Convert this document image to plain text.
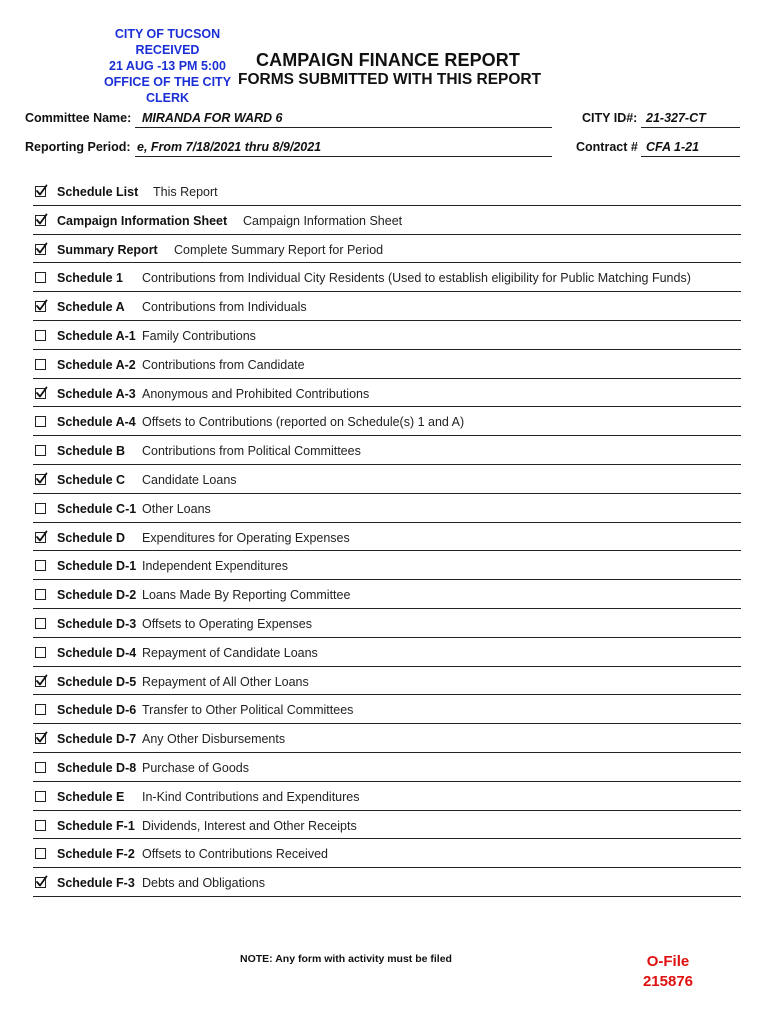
CITY OF TUCSON
RECEIVED
21 AUG -13 PM 5:00
OFFICE OF THE CITY
CLERK
CAMPAIGN FINANCE REPORT
FORMS SUBMITTED WITH THIS REPORT
Committee Name: MIRANDA FOR WARD 6	CITY ID#: 21-327-CT
Reporting Period: e, From 7/18/2021 thru 8/9/2021	Contract # CFA 1-21
Schedule List This Report
Campaign Information Sheet Campaign Information Sheet
Summary Report Complete Summary Report for Period
Schedule 1 Contributions from Individual City Residents (Used to establish eligibility for Public Matching Funds)
Schedule A Contributions from Individuals
Schedule A-1 Family Contributions
Schedule A-2 Contributions from Candidate
Schedule A-3 Anonymous and Prohibited Contributions
Schedule A-4 Offsets to Contributions (reported on Schedule(s) 1 and A)
Schedule B Contributions from Political Committees
Schedule C Candidate Loans
Schedule C-1 Other Loans
Schedule D Expenditures for Operating Expenses
Schedule D-1 Independent Expenditures
Schedule D-2 Loans Made By Reporting Committee
Schedule D-3 Offsets to Operating Expenses
Schedule D-4 Repayment of Candidate Loans
Schedule D-5 Repayment of All Other Loans
Schedule D-6 Transfer to Other Political Committees
Schedule D-7 Any Other Disbursements
Schedule D-8 Purchase of Goods
Schedule E In-Kind Contributions and Expenditures
Schedule F-1 Dividends, Interest and Other Receipts
Schedule F-2 Offsets to Contributions Received
Schedule F-3 Debts and Obligations
NOTE: Any form with activity must be filed	O-File
215876
